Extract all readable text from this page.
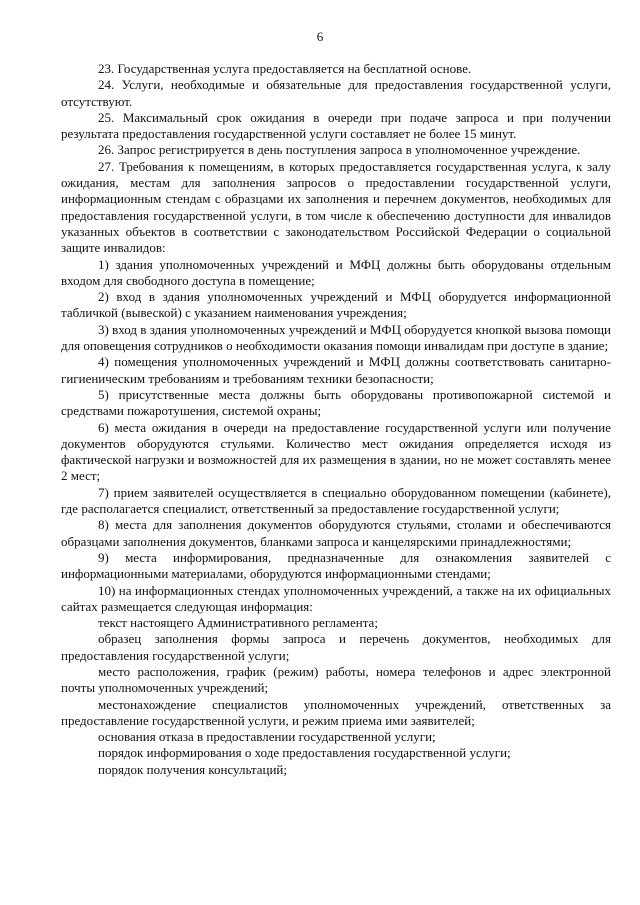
6

23. Государственная услуга предоставляется на бесплатной основе.

24. Услуги, необходимые и обязательные для предоставления государственной услуги, отсутствуют.

25. Максимальный срок ожидания в очереди при подаче запроса и при получении результата предоставления государственной услуги составляет не более 15 минут.

26. Запрос регистрируется в день поступления запроса в уполномоченное учреждение.

27. Требования к помещениям, в которых предоставляется государственная услуга, к залу ожидания, местам для заполнения запросов о предоставлении государственной услуги, информационным стендам с образцами их заполнения и перечнем документов, необходимых для предоставления государственной услуги, в том числе к обеспечению доступности для инвалидов указанных объектов в соответствии с законодательством Российской Федерации о социальной защите инвалидов:

1) здания уполномоченных учреждений и МФЦ должны быть оборудованы отдельным входом для свободного доступа в помещение;

2) вход в здания уполномоченных учреждений и МФЦ оборудуется информационной табличкой (вывеской) с указанием наименования учреждения;

3) вход в здания уполномоченных учреждений и МФЦ оборудуется кнопкой вызова помощи для оповещения сотрудников о необходимости оказания помощи инвалидам при доступе в здание;

4) помещения уполномоченных учреждений и МФЦ должны соответствовать санитарно-гигиеническим требованиям и требованиям техники безопасности;

5) присутственные места должны быть оборудованы противопожарной системой и средствами пожаротушения, системой охраны;

6) места ожидания в очереди на предоставление государственной услуги или получение документов оборудуются стульями. Количество мест ожидания определяется исходя из фактической нагрузки и возможностей для их размещения в здании, но не может составлять менее 2 мест;

7) прием заявителей осуществляется в специально оборудованном помещении (кабинете), где располагается специалист, ответственный за предоставление государственной услуги;

8) места для заполнения документов оборудуются стульями, столами и обеспечиваются образцами заполнения документов, бланками запроса и канцелярскими принадлежностями;

9) места информирования, предназначенные для ознакомления заявителей с информационными материалами, оборудуются информационными стендами;

10) на информационных стендах уполномоченных учреждений, а также на их официальных сайтах размещается следующая информация:

текст настоящего Административного регламента;

образец заполнения формы запроса и перечень документов, необходимых для предоставления государственной услуги;

место расположения, график (режим) работы, номера телефонов и адрес электронной почты уполномоченных учреждений;

местонахождение специалистов уполномоченных учреждений, ответственных за предоставление государственной услуги, и режим приема ими заявителей;

основания отказа в предоставлении государственной услуги;

порядок информирования о ходе предоставления государственной услуги;

порядок получения консультаций;
